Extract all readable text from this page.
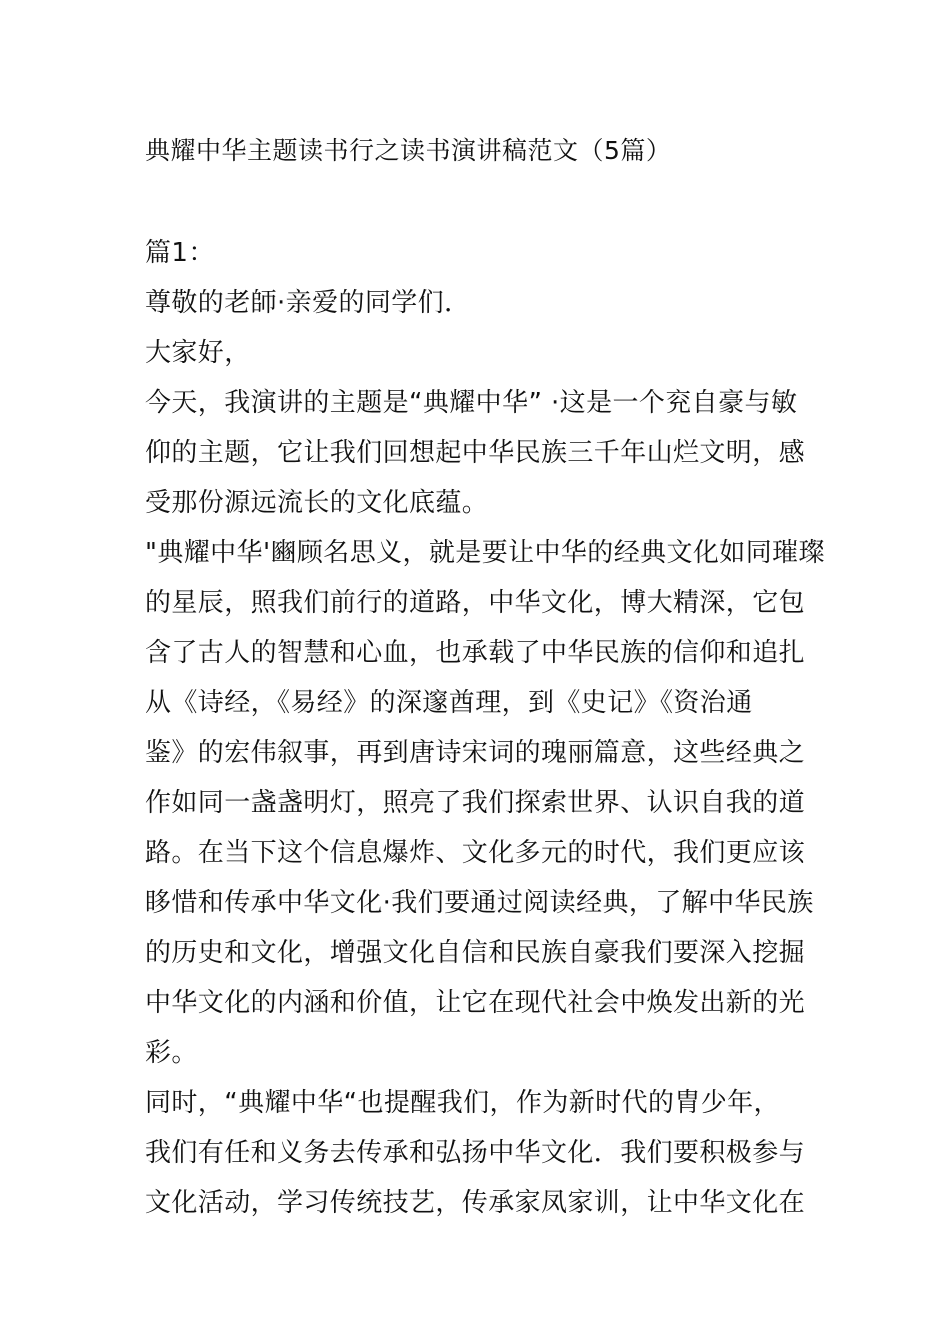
典耀中华主题读书行之读书演讲稿范文（5篇）
篇1：
尊敬的老師·亲爱的同学们．
大家好，
今天，我演讲的主题是“典耀中华” ·这是一个兖自豪与敏
仰的主题，它让我们回想起中华民族三千年山烂文明，感
受那份源远流长的文化底蕴。
"典耀中华'豳顾名思义，就是要让中华的经典文化如同璀璨
的星辰，照我们前行的道路，中华文化，博大精深，它包
含了古人的智慧和心血，也承载了中华民族的信仰和追扎
从《诗经，《易经》的深邃酋理，到《史记》《资治通
鉴》的宏伟叙事，再到唐诗宋词的瑰丽篇意，这些经典之
作如同一盏盏明灯，照亮了我们探索世界、认识自我的道
路。在当下这个信息爆炸、文化多元的时代，我们更应该
眵惜和传承中华文化·我们要通过阅读经典，了解中华民族
的历史和文化，增强文化自信和民族自豪我们要深入挖掘
中华文化的内涵和价值，让它在现代社会中焕发出新的光
彩。
同时，“典耀中华“也提醒我们，作为新时代的胄少年，
我们有任和义务去传承和弘扬中华文化．我们要积极参与
文化活动，学习传统技艺，传承家凤家训，让中华文化在
